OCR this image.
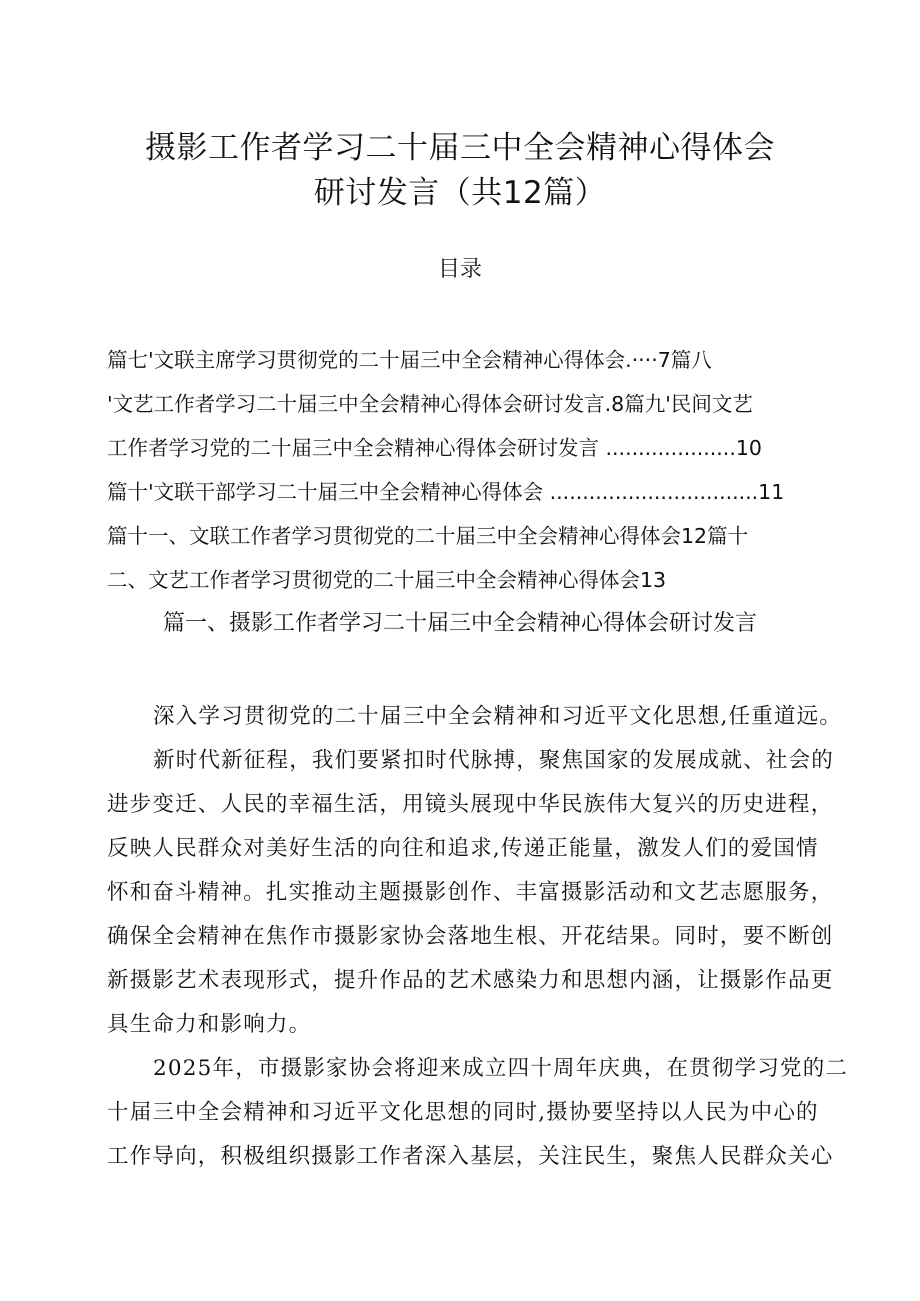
摄影工作者学习二十届三中全会精神心得体会
研讨发言（共12篇）
目录
篇七'文联主席学习贯彻党的二十届三中全会精神心得体会.····7篇八
'文艺工作者学习二十届三中全会精神心得体会研讨发言.8篇九'民间文艺
工作者学习党的二十届三中全会精神心得体会研讨发言 ....................10
篇十'文联干部学习二十届三中全会精神心得体会 ................................11
篇十一、文联工作者学习贯彻党的二十届三中全会精神心得体会12篇十
二、文艺工作者学习贯彻党的二十届三中全会精神心得体会13
篇一、摄影工作者学习二十届三中全会精神心得体会研讨发言
深入学习贯彻党的二十届三中全会精神和习近平文化思想,任重道远。
新时代新征程，我们要紧扣时代脉搏，聚焦国家的发展成就、社会的
进步变迁、人民的幸福生活，用镜头展现中华民族伟大复兴的历史进程，
反映人民群众对美好生活的向往和追求,传递正能量，激发人们的爱国情
怀和奋斗精神。扎实推动主题摄影创作、丰富摄影活动和文艺志愿服务，
确保全会精神在焦作市摄影家协会落地生根、开花结果。同时，要不断创
新摄影艺术表现形式，提升作品的艺术感染力和思想内涵，让摄影作品更
具生命力和影响力。
2025年，市摄影家协会将迎来成立四十周年庆典，在贯彻学习党的二
十届三中全会精神和习近平文化思想的同时,摄协要坚持以人民为中心的
工作导向，积极组织摄影工作者深入基层，关注民生，聚焦人民群众关心
